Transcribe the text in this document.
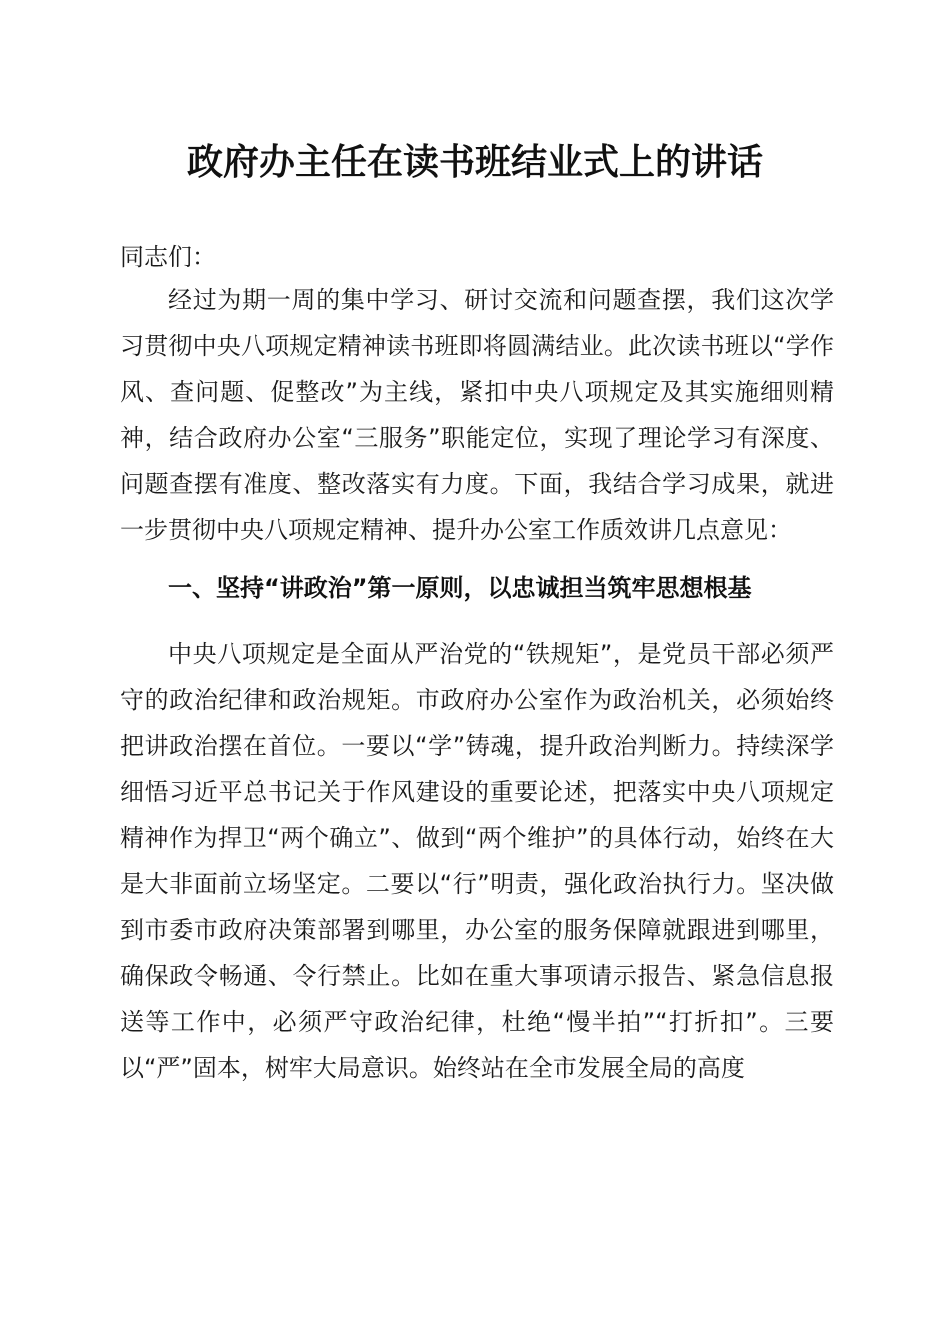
政府办主任在读书班结业式上的讲话
同志们：
经过为期一周的集中学习、研讨交流和问题查摆，我们这次学习贯彻中央八项规定精神读书班即将圆满结业。此次读书班以“学作风、查问题、促整改”为主线，紧扣中央八项规定及其实施细则精神，结合政府办公室“三服务”职能定位，实现了理论学习有深度、问题查摆有准度、整改落实有力度。下面，我结合学习成果，就进一步贯彻中央八项规定精神、提升办公室工作质效讲几点意见：
一、坚持“讲政治”第一原则，以忠诚担当筑牢思想根基
中央八项规定是全面从严治党的“铁规矩”，是党员干部必须严守的政治纪律和政治规矩。市政府办公室作为政治机关，必须始终把讲政治摆在首位。一要以“学”铸魂，提升政治判断力。持续深学细悟习近平总书记关于作风建设的重要论述，把落实中央八项规定精神作为捍卫“两个确立”、做到“两个维护”的具体行动，始终在大是大非面前立场坚定。二要以“行”明责，强化政治执行力。坚决做到市委市政府决策部署到哪里，办公室的服务保障就跟进到哪里，确保政令畅通、令行禁止。比如在重大事项请示报告、紧急信息报送等工作中，必须严守政治纪律，杜绝“慢半拍”“打折扣”。三要以“严”固本，树牢大局意识。始终站在全市发展全局的高度
